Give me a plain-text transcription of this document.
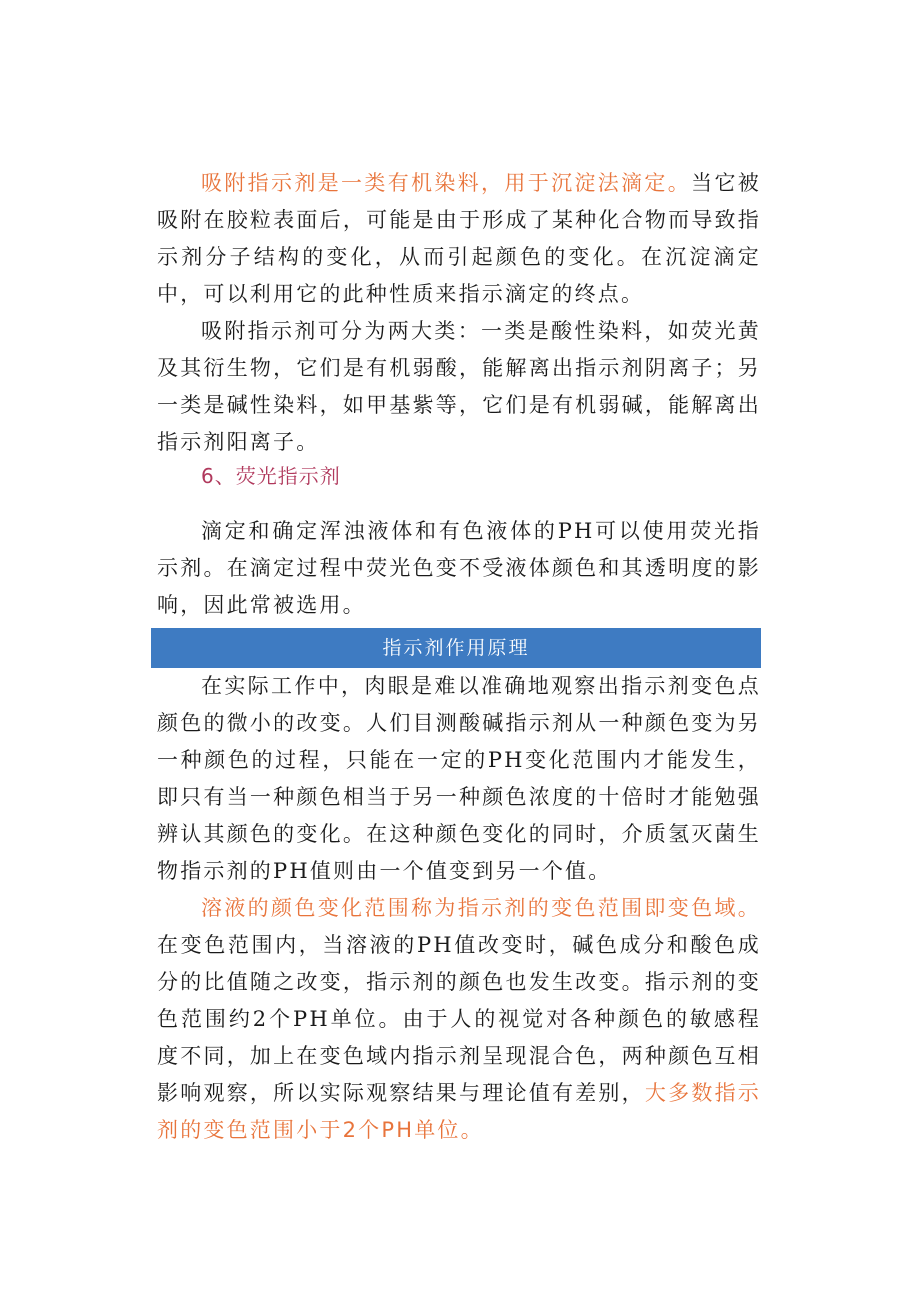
吸附指示剂是一类有机染料，用于沉淀法滴定。当它被吸附在胶粒表面后，可能是由于形成了某种化合物而导致指示剂分子结构的变化，从而引起颜色的变化。在沉淀滴定中，可以利用它的此种性质来指示滴定的终点。

吸附指示剂可分为两大类：一类是酸性染料，如荧光黄及其衍生物，它们是有机弱酸，能解离出指示剂阴离子；另一类是碱性染料，如甲基紫等，它们是有机弱碱，能解离出指示剂阳离子。

6、荧光指示剂

滴定和确定浑浊液体和有色液体的PH可以使用荧光指示剂。在滴定过程中荧光色变不受液体颜色和其透明度的影响，因此常被选用。

指示剂作用原理

在实际工作中，肉眼是难以准确地观察出指示剂变色点颜色的微小的改变。人们目测酸碱指示剂从一种颜色变为另一种颜色的过程，只能在一定的PH变化范围内才能发生，即只有当一种颜色相当于另一种颜色浓度的十倍时才能勉强辨认其颜色的变化。在这种颜色变化的同时，介质氢灭菌生物指示剂的PH值则由一个值变到另一个值。

溶液的颜色变化范围称为指示剂的变色范围即变色域。在变色范围内，当溶液的PH值改变时，碱色成分和酸色成分的比值随之改变，指示剂的颜色也发生改变。指示剂的变色范围约2个PH单位。由于人的视觉对各种颜色的敏感程度不同，加上在变色域内指示剂呈现混合色，两种颜色互相影响观察，所以实际观察结果与理论值有差别，大多数指示剂的变色范围小于2个PH单位。
